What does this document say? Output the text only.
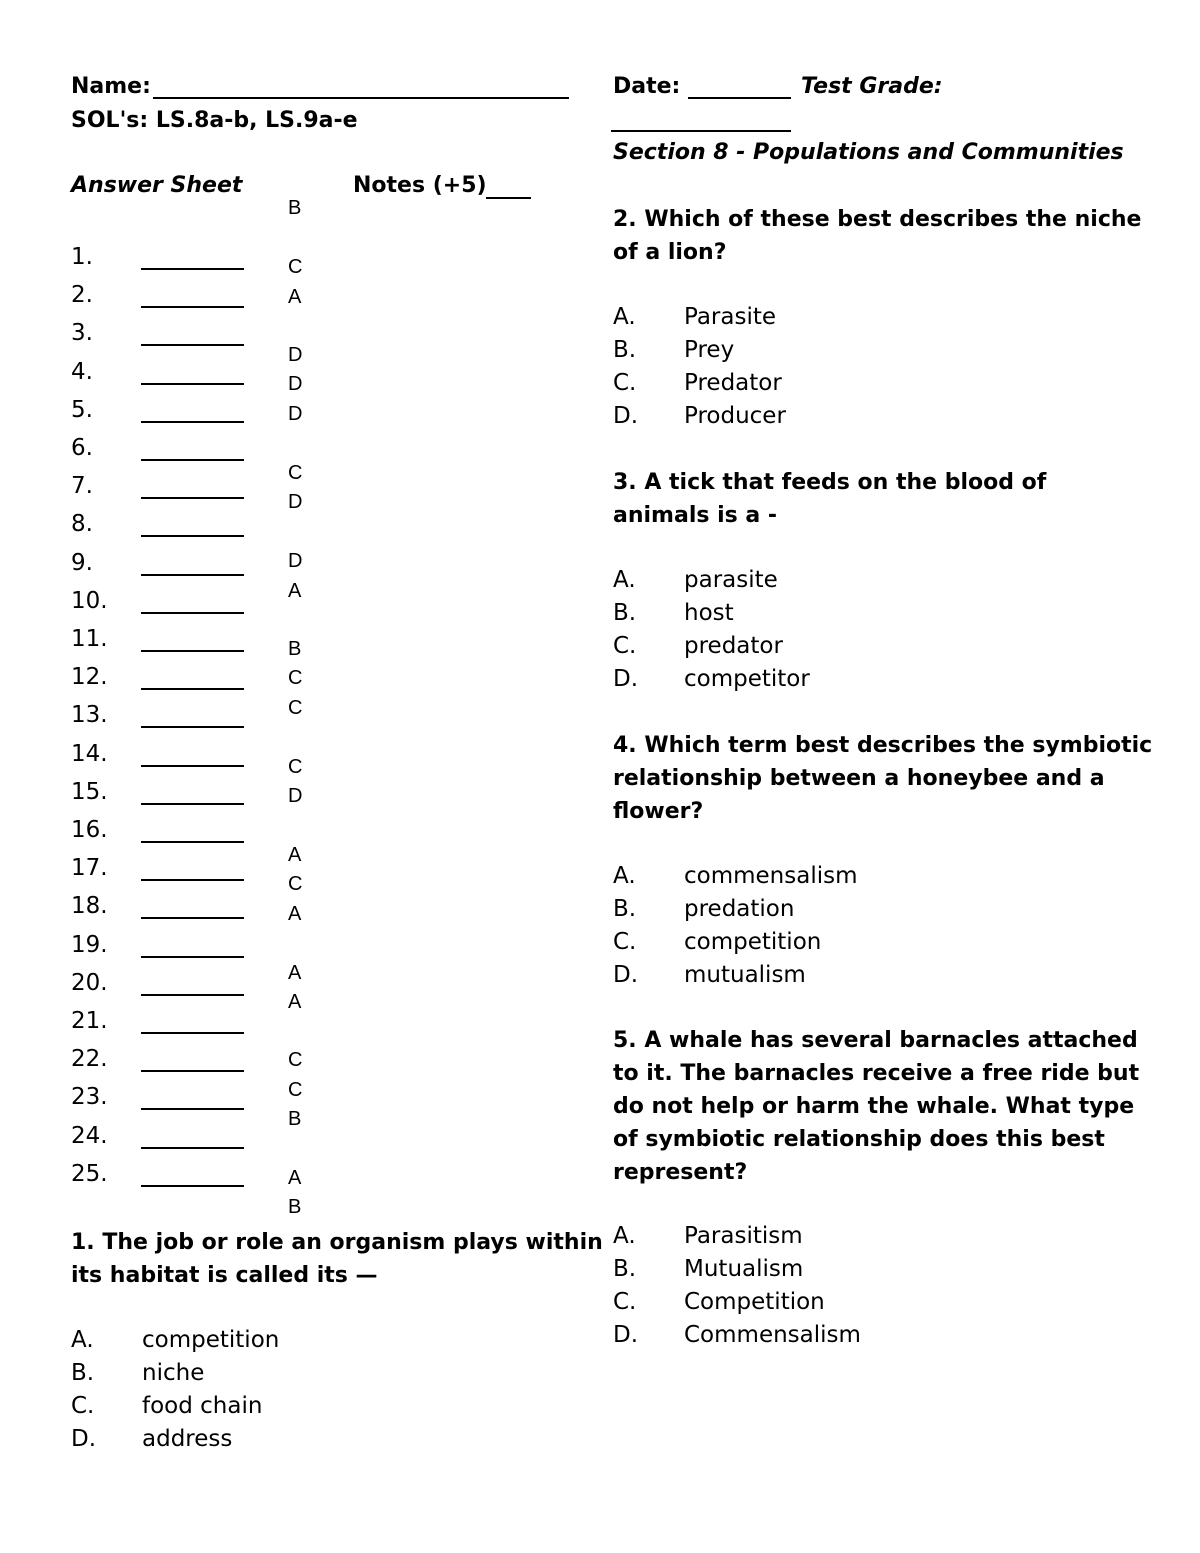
Name:
SOL's: LS.8a-b, LS.9a-e
Date:	Test Grade:
Section 8 - Populations and Communities
Answer Sheet	Notes (+5)
1.
2.
3.
4.
5.
6.
7.
8.
9.
10.
11.
12.
13.
14.
15.
16.
17.
18.
19.
20.
21.
22.
23.
24.
25.
B
C
A
D
D
D
C
D
D
A
B
C
C
C
D
A
C
A
A
A
C
C
B
A
B
1. The job or role an organism plays within
its habitat is called its —
A. competition
B. niche
C. food chain
D. address
2. Which of these best describes the niche
of a lion?
A. Parasite
B. Prey
C. Predator
D. Producer
3. A tick that feeds on the blood of
animals is a -
A. parasite
B. host
C. predator
D. competitor
4. Which term best describes the symbiotic
relationship between a honeybee and a
flower?
A. commensalism
B. predation
C. competition
D. mutualism
5. A whale has several barnacles attached
to it. The barnacles receive a free ride but
do not help or harm the whale. What type
of symbiotic relationship does this best
represent?
A. Parasitism
B. Mutualism
C. Competition
D. Commensalism
